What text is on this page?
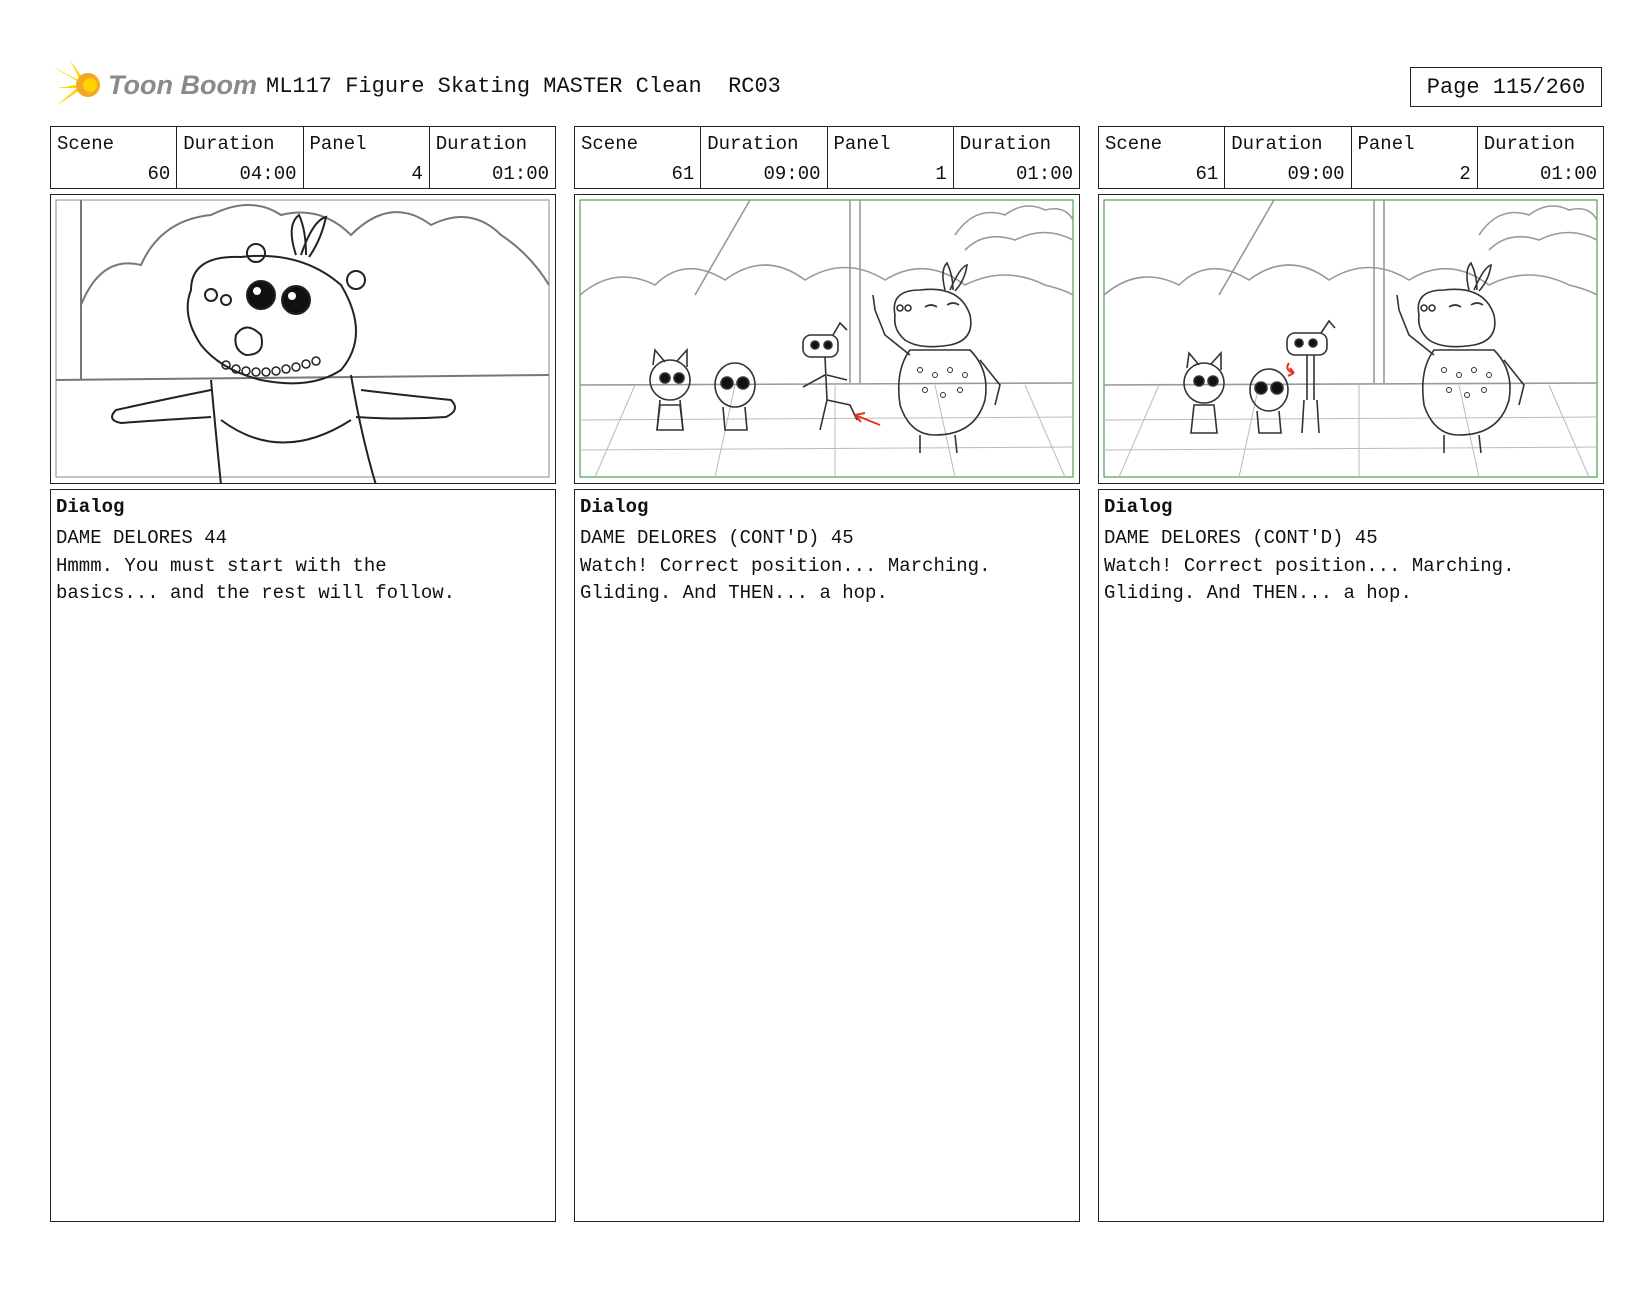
Toon Boom ML117 Figure Skating MASTER Clean  RC03	Page 115/260
Scene
60
Duration
04:00
Panel
4
Duration
01:00
Dialog
DAME DELORES 44
Hmmm. You must start with the basics... and the rest will follow.
Scene
61
Duration
09:00
Panel
1
Duration
01:00
Dialog
DAME DELORES (CONT'D) 45
Watch! Correct position... Marching. Gliding. And THEN... a hop.
Scene
61
Duration
09:00
Panel
2
Duration
01:00
Dialog
DAME DELORES (CONT'D) 45
Watch! Correct position... Marching. Gliding. And THEN... a hop.
